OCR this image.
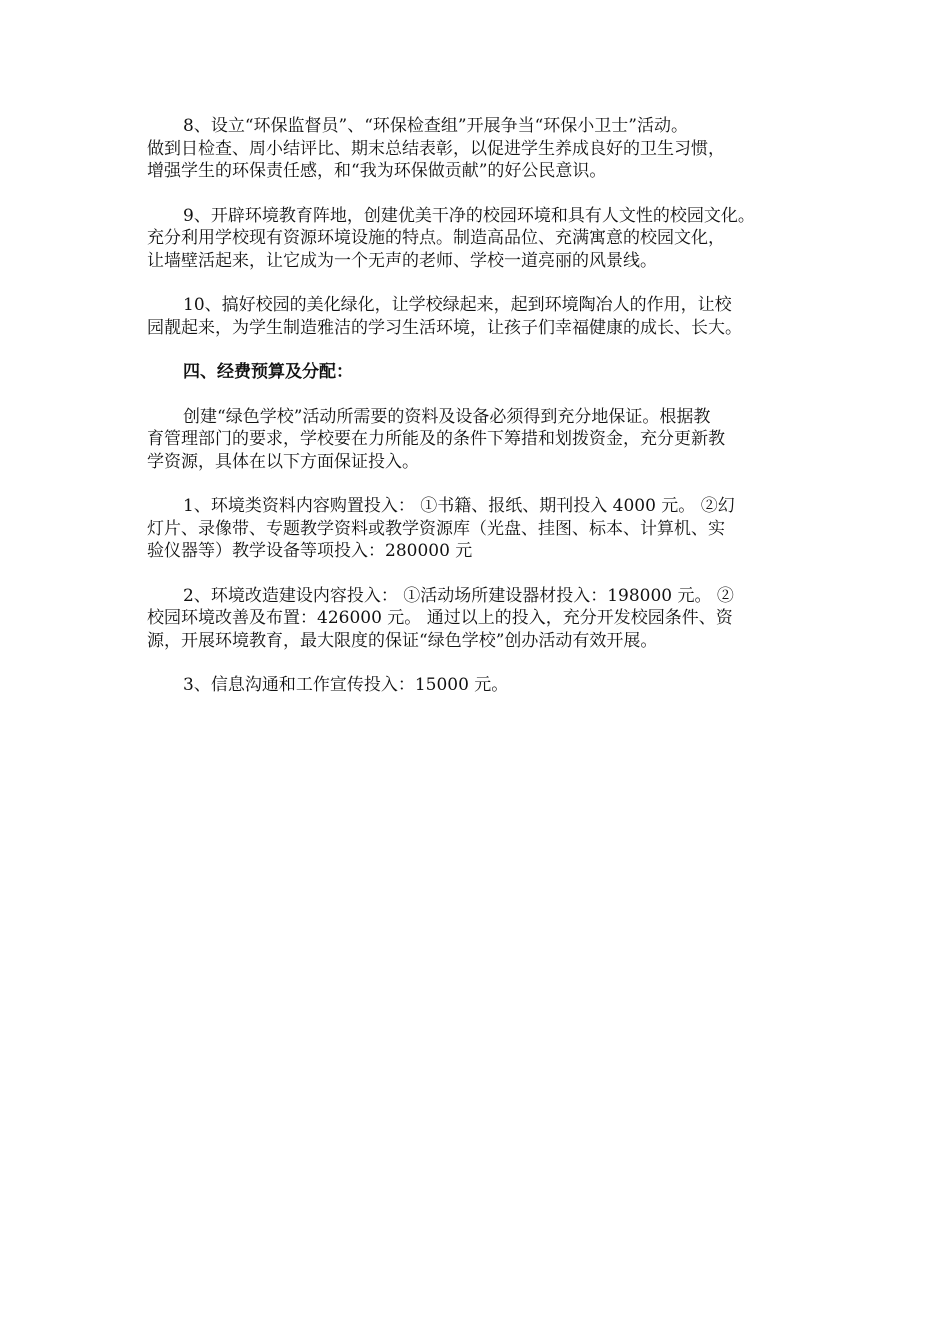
8、设立“环保监督员”、“环保检查组”开展争当“环保小卫士”活动。
做到日检查、周小结评比、期末总结表彰，以促进学生养成良好的卫生习惯，
增强学生的环保责任感，和“我为环保做贡献”的好公民意识。

9、开辟环境教育阵地，创建优美干净的校园环境和具有人文性的校园文化。
充分利用学校现有资源环境设施的特点。制造高品位、充满寓意的校园文化，
让墙壁活起来，让它成为一个无声的老师、学校一道亮丽的风景线。

10、搞好校园的美化绿化，让学校绿起来，起到环境陶冶人的作用，让校
园靓起来，为学生制造雅洁的学习生活环境，让孩子们幸福健康的成长、长大。

四、经费预算及分配：

创建“绿色学校”活动所需要的资料及设备必须得到充分地保证。根据教
育管理部门的要求，学校要在力所能及的条件下筹措和划拨资金，充分更新教
学资源，具体在以下方面保证投入。

1、环境类资料内容购置投入： ①书籍、报纸、期刊投入 4000 元。 ②幻
灯片、录像带、专题教学资料或教学资源库（光盘、挂图、标本、计算机、实
验仪器等）教学设备等项投入：280000 元

2、环境改造建设内容投入： ①活动场所建设器材投入：198000 元。 ②
校园环境改善及布置：426000 元。 通过以上的投入，充分开发校园条件、资
源，开展环境教育，最大限度的保证“绿色学校”创办活动有效开展。

3、信息沟通和工作宣传投入：15000 元。
